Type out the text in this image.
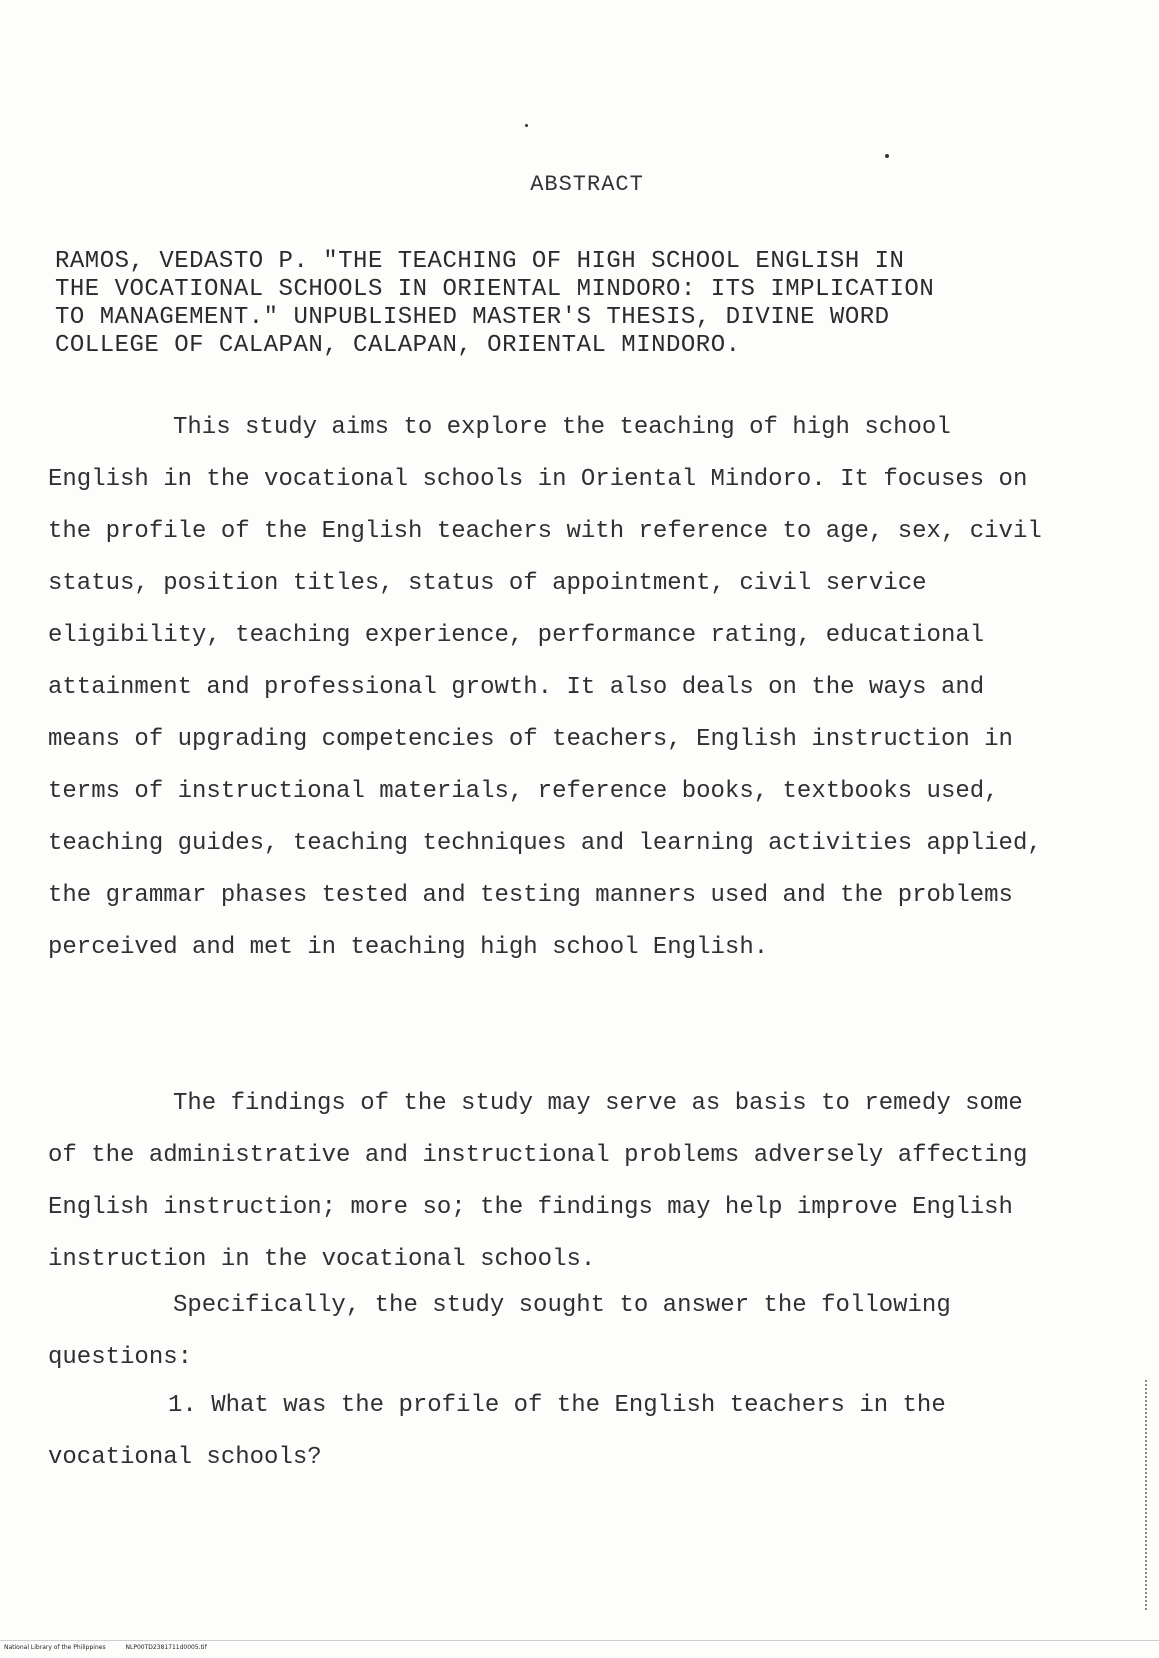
ABSTRACT
RAMOS, VEDASTO P. "THE TEACHING OF HIGH SCHOOL ENGLISH IN
THE VOCATIONAL SCHOOLS IN ORIENTAL MINDORO: ITS IMPLICATION
TO MANAGEMENT." UNPUBLISHED MASTER'S THESIS, DIVINE WORD
COLLEGE OF CALAPAN, CALAPAN, ORIENTAL MINDORO.

This study aims to explore the teaching of high school English in the vocational schools in Oriental Mindoro. It focuses on the profile of the English teachers with reference to age, sex, civil status, position titles, status of appointment, civil service eligibility, teaching experience, performance rating, educational attainment and professional growth. It also deals on the ways and means of upgrading competencies of teachers, English instruction in terms of instructional materials, reference books, textbooks used, teaching guides, teaching techniques and learning activities applied, the grammar phases tested and testing manners used and the problems perceived and met in teaching high school English.

The findings of the study may serve as basis to remedy some of the administrative and instructional problems adversely affecting English instruction; more so; the findings may help improve English instruction in the vocational schools.

Specifically, the study sought to answer the following questions:

1. What was the profile of the English teachers in the vocational schools?

National Library of the Philippines	NLP00TD2381711d0005.tif
